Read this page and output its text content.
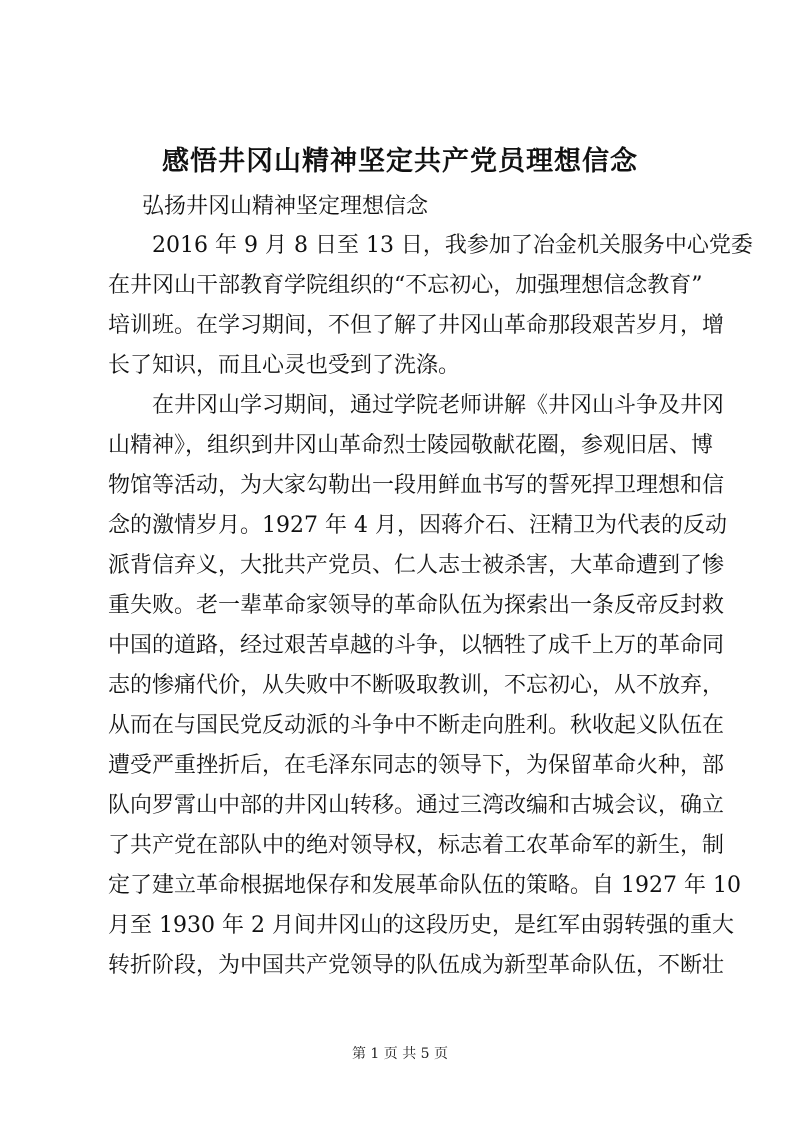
感悟井冈山精神坚定共产党员理想信念

弘扬井冈山精神坚定理想信念

2016 年 9 月 8 日至 13 日，我参加了冶金机关服务中心党委
在井冈山干部教育学院组织的“不忘初心，加强理想信念教育”
培训班。在学习期间，不但了解了井冈山革命那段艰苦岁月，增
长了知识，而且心灵也受到了洗涤。
在井冈山学习期间，通过学院老师讲解《井冈山斗争及井冈
山精神》，组织到井冈山革命烈士陵园敬献花圈，参观旧居、博
物馆等活动，为大家勾勒出一段用鲜血书写的誓死捍卫理想和信
念的激情岁月。1927 年 4 月，因蒋介石、汪精卫为代表的反动
派背信弃义，大批共产党员、仁人志士被杀害，大革命遭到了惨
重失败。老一辈革命家领导的革命队伍为探索出一条反帝反封救
中国的道路，经过艰苦卓越的斗争，以牺牲了成千上万的革命同
志的惨痛代价，从失败中不断吸取教训，不忘初心，从不放弃，
从而在与国民党反动派的斗争中不断走向胜利。秋收起义队伍在
遭受严重挫折后，在毛泽东同志的领导下，为保留革命火种，部
队向罗霄山中部的井冈山转移。通过三湾改编和古城会议，确立
了共产党在部队中的绝对领导权，标志着工农革命军的新生，制
定了建立革命根据地保存和发展革命队伍的策略。自 1927 年 10
月至 1930 年 2 月间井冈山的这段历史，是红军由弱转强的重大
转折阶段，为中国共产党领导的队伍成为新型革命队伍，不断壮
第 1 页 共 5 页
